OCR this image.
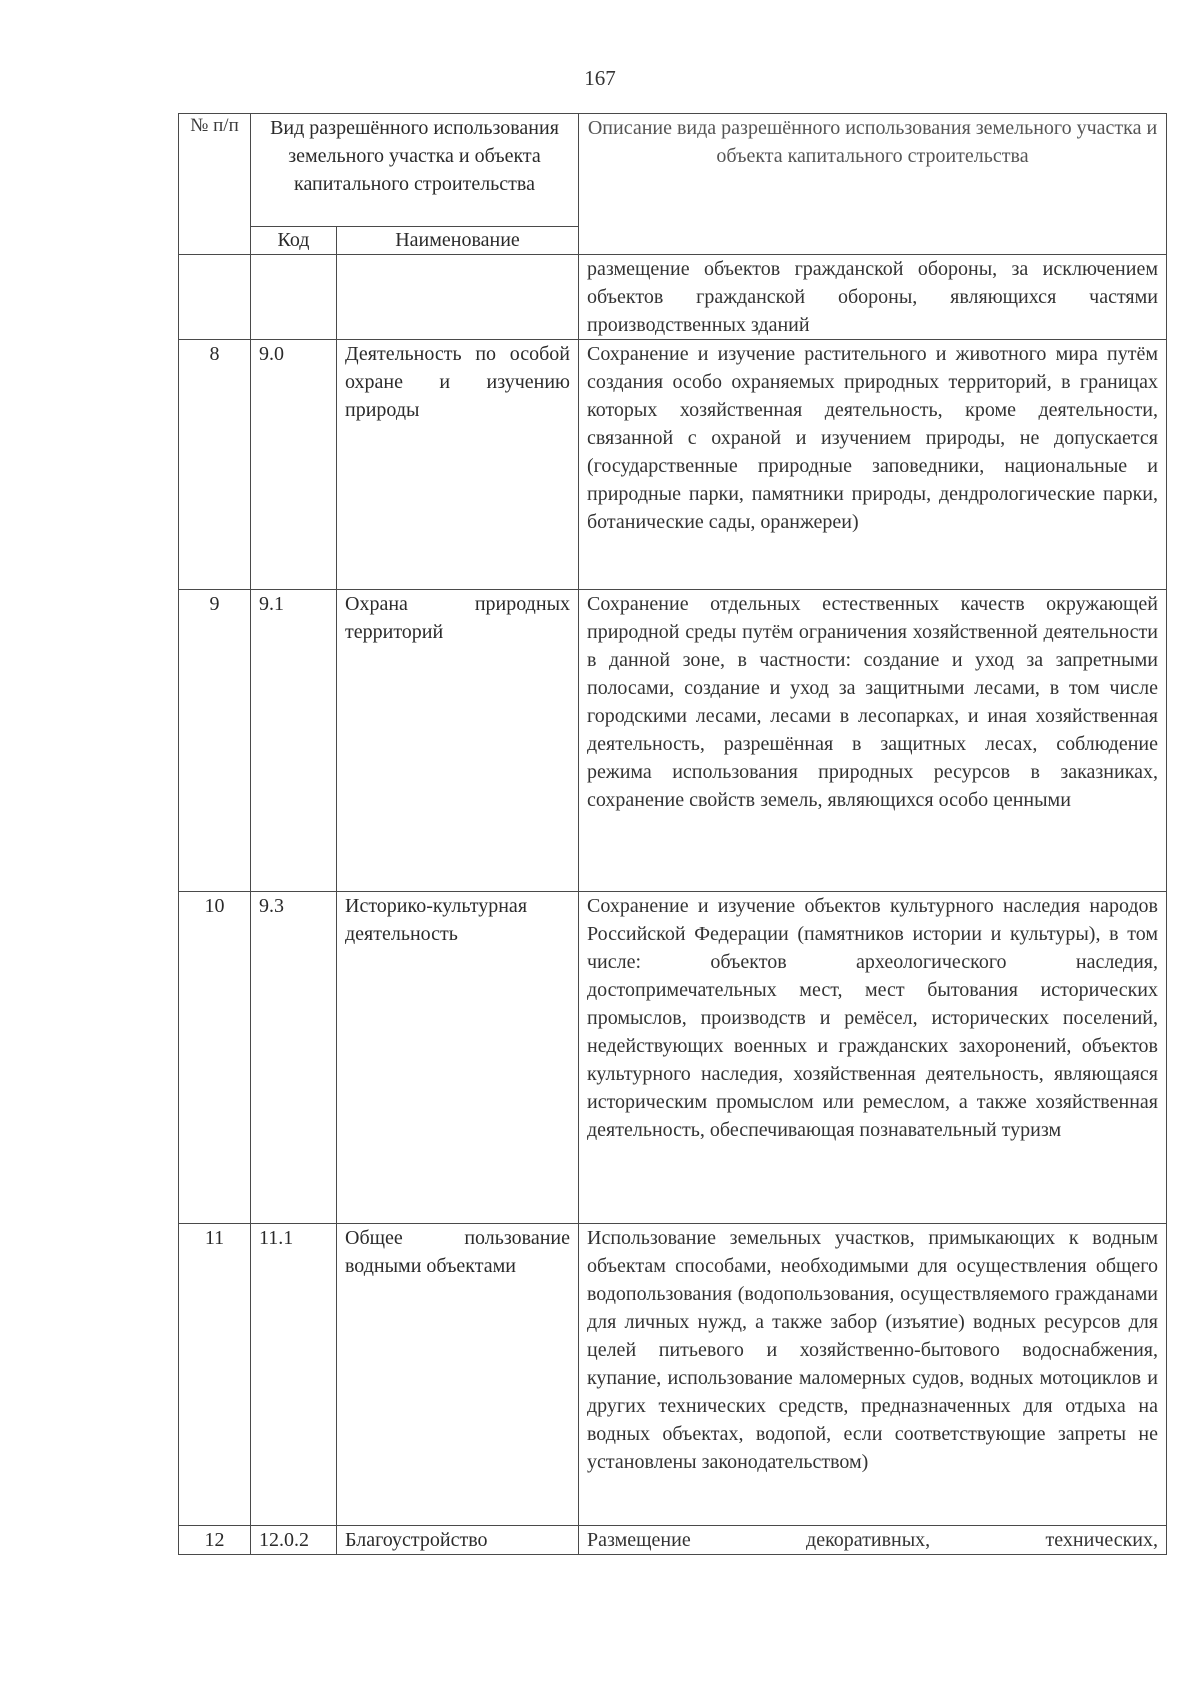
167
№ п/п	Вид разрешённого использования земельного участка и объекта капитального строительства		Описание вида разрешённого использования земельного участка и объекта капитального строительства
	Код	Наименование	
			размещение объектов гражданской обороны, за исключением объектов гражданской обороны, являющихся частями производственных зданий
8	9.0	Деятельность по особой охране и изучению природы	Сохранение и изучение растительного и животного мира путём создания особо охраняемых природных территорий, в границах которых хозяйственная деятельность, кроме деятельности, связанной с охраной и изучением природы, не допускается (государственные природные заповедники, национальные и природные парки, памятники природы, дендрологические парки, ботанические сады, оранжереи)
9	9.1	Охрана природных территорий	Сохранение отдельных естественных качеств окружающей природной среды путём ограничения хозяйственной деятельности в данной зоне, в частности: создание и уход за запретными полосами, создание и уход за защитными лесами, в том числе городскими лесами, лесами в лесопарках, и иная хозяйственная деятельность, разрешённая в защитных лесах, соблюдение режима использования природных ресурсов в заказниках, сохранение свойств земель, являющихся особо ценными
10	9.3	Историко-культурная деятельность	Сохранение и изучение объектов культурного наследия народов Российской Федерации (памятников истории и культуры), в том числе: объектов археологического наследия, достопримечательных мест, мест бытования исторических промыслов, производств и ремёсел, исторических поселений, недействующих военных и гражданских захоронений, объектов культурного наследия, хозяйственная деятельность, являющаяся историческим промыслом или ремеслом, а также хозяйственная деятельность, обеспечивающая познавательный туризм
11	11.1	Общее пользование водными объектами	Использование земельных участков, примыкающих к водным объектам способами, необходимыми для осуществления общего водопользования (водопользования, осуществляемого гражданами для личных нужд, а также забор (изъятие) водных ресурсов для целей питьевого и хозяйственно-бытового водоснабжения, купание, использование маломерных судов, водных мотоциклов и других технических средств, предназначенных для отдыха на водных объектах, водопой, если соответствующие запреты не установлены законодательством)
12	12.0.2	Благоустройство	Размещение декоративных, технических,
